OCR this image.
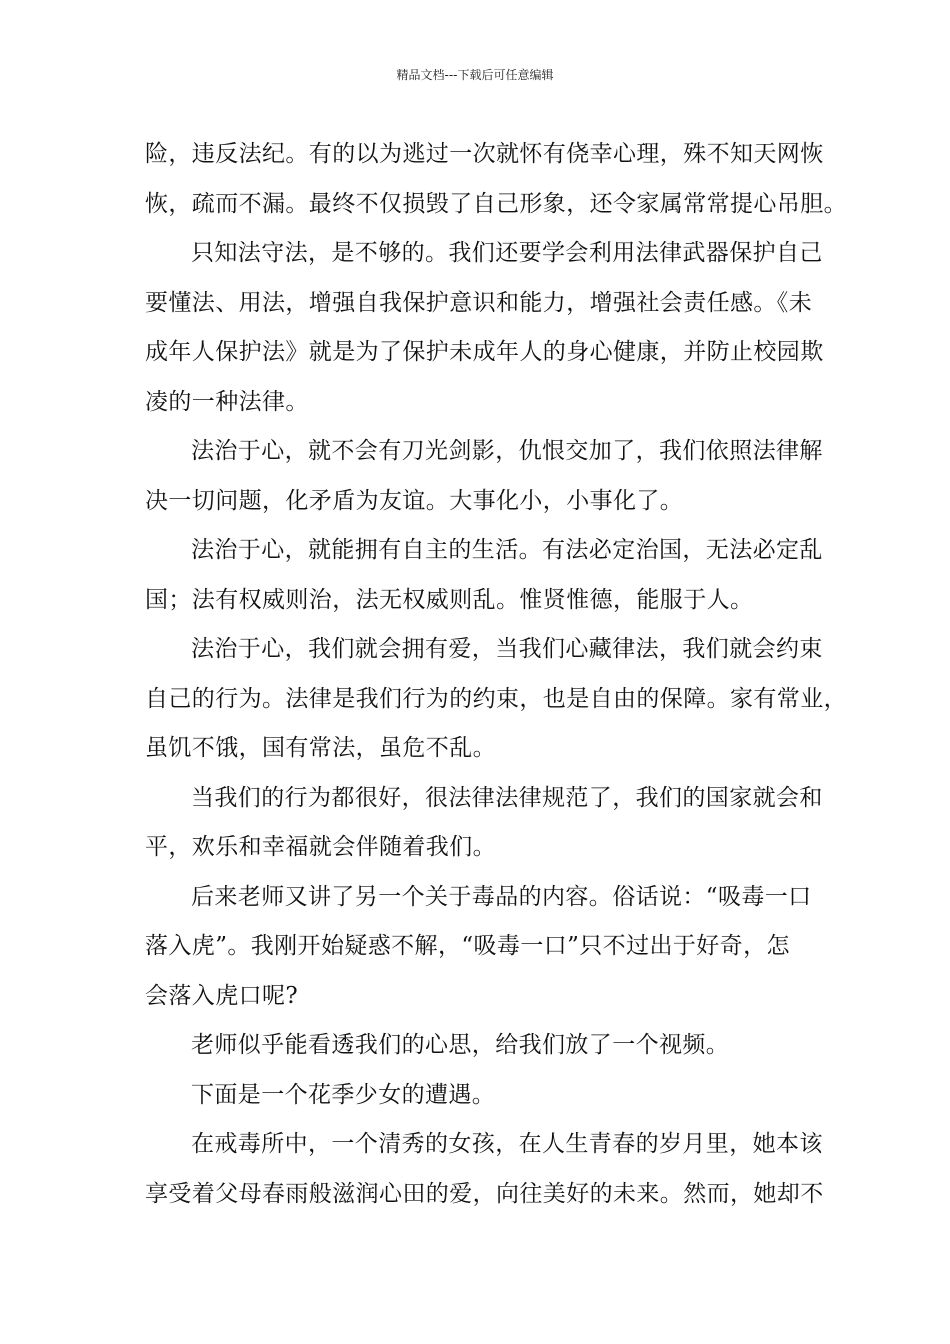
精品文档---下载后可任意编辑
险，违反法纪。有的以为逃过一次就怀有侥幸心理，殊不知天网恢
恢，疏而不漏。最终不仅损毁了自己形象，还令家属常常提心吊胆。
只知法守法，是不够的。我们还要学会利用法律武器保护自己
要懂法、用法，增强自我保护意识和能力，增强社会责任感。《未
成年人保护法》就是为了保护未成年人的身心健康，并防止校园欺
凌的一种法律。
法治于心，就不会有刀光剑影，仇恨交加了，我们依照法律解
决一切问题，化矛盾为友谊。大事化小，小事化了。
法治于心，就能拥有自主的生活。有法必定治国，无法必定乱
国；法有权威则治，法无权威则乱。惟贤惟德，能服于人。
法治于心，我们就会拥有爱，当我们心藏律法，我们就会约束
自己的行为。法律是我们行为的约束，也是自由的保障。家有常业，
虽饥不饿，国有常法，虽危不乱。
当我们的行为都很好，很法律法律规范了，我们的国家就会和
平，欢乐和幸福就会伴随着我们。
后来老师又讲了另一个关于毒品的内容。俗话说：“吸毒一口
落入虎”。我刚开始疑惑不解，“吸毒一口”只不过出于好奇，怎
会落入虎口呢?
老师似乎能看透我们的心思，给我们放了一个视频。
下面是一个花季少女的遭遇。
在戒毒所中，一个清秀的女孩，在人生青春的岁月里，她本该
享受着父母春雨般滋润心田的爱，向往美好的未来。然而，她却不
